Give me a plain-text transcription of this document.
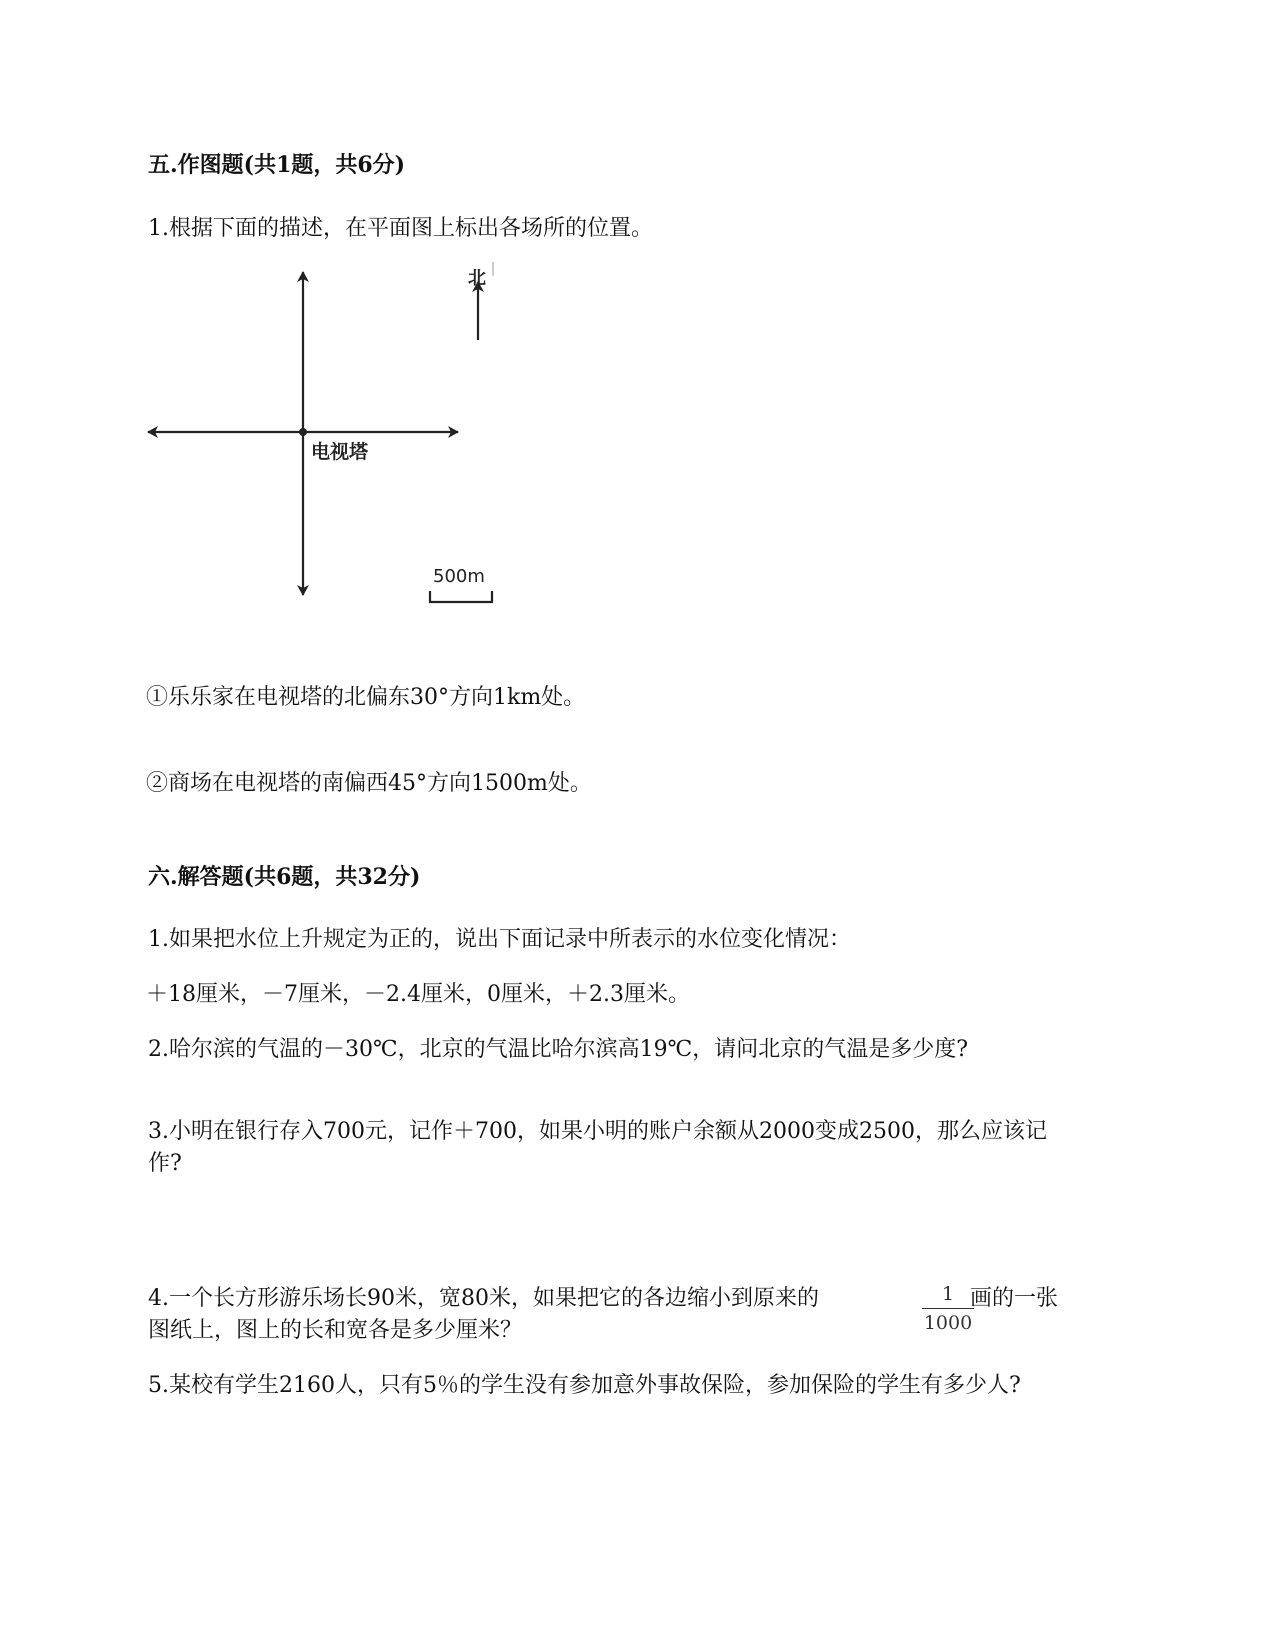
五.作图题(共1题，共6分)
1.根据下面的描述，在平面图上标出各场所的位置。
电视塔
北
500m
①乐乐家在电视塔的北偏东30°方向1km处。
②商场在电视塔的南偏西45°方向1500m处。
六.解答题(共6题，共32分)
1.如果把水位上升规定为正的，说出下面记录中所表示的水位变化情况：
＋18厘米，－7厘米，－2.4厘米，0厘米，＋2.3厘米。
2.哈尔滨的气温的－30℃，北京的气温比哈尔滨高19℃，请问北京的气温是多少度?
3.小明在银行存入700元，记作＋700，如果小明的账户余额从2000变成2500，那么应该记
作?
4.一个长方形游乐场长90米，宽80米，如果把它的各边缩小到原来的	1
1000
画的一张
图纸上，图上的长和宽各是多少厘米？
5.某校有学生2160人，只有5％的学生没有参加意外事故保险，参加保险的学生有多少人?
